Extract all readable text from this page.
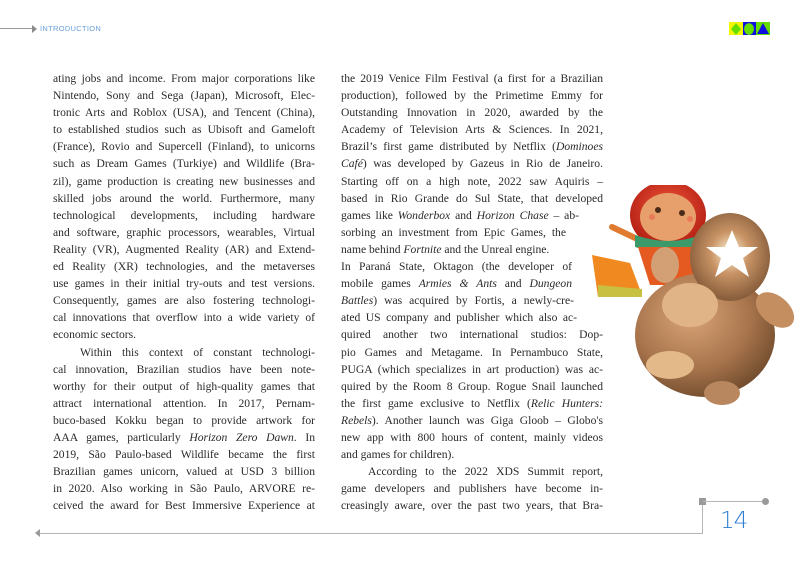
INTRODUCTION
ating jobs and income. From major corporations like
Nintendo, Sony and Sega (Japan), Microsoft, Elec-
tronic Arts and Roblox (USA), and Tencent (China),
to established studios such as Ubisoft and Gameloft
(France), Rovio and Supercell (Finland), to unicorns
such as Dream Games (Turkiye) and Wildlife (Bra-
zil), game production is creating new businesses and
skilled jobs around the world. Furthermore, many
technological developments, including hardware
and software, graphic processors, wearables, Virtual
Reality (VR), Augmented Reality (AR) and Extend-
ed Reality (XR) technologies, and the metaverses
use games in their initial try-outs and test versions.
Consequently, games are also fostering technologi-
cal innovations that overflow into a wide variety of
economic sectors.
Within this context of constant technologi-
cal innovation, Brazilian studios have been note-
worthy for their output of high-quality games that
attract international attention. In 2017, Pernam-
buco-based Kokku began to provide artwork for
AAA games, particularly Horizon Zero Dawn. In
2019, São Paulo-based Wildlife became the first
Brazilian games unicorn, valued at USD 3 billion
in 2020. Also working in São Paulo, ARVORE re-
ceived the award for Best Immersive Experience at
the 2019 Venice Film Festival (a first for a Brazilian
production), followed by the Primetime Emmy for
Outstanding Innovation in 2020, awarded by the
Academy of Television Arts & Sciences. In 2021,
Brazil’s first game distributed by Netflix (Dominoes
Café) was developed by Gazeus in Rio de Janeiro.
Starting off on a high note, 2022 saw Aquiris –
based in Rio Grande do Sul State, that developed
games like Wonderbox and Horizon Chase – ab-
sorbing an investment from Epic Games, the
name behind Fortnite and the Unreal engine.
In Paraná State, Oktagon (the developer of
mobile games Armies & Ants and Dungeon
Battles) was acquired by Fortis, a newly-cre-
ated US company and publisher which also ac-
quired another two international studios: Dop-
pio Games and Metagame. In Pernambuco State,
PUGA (which specializes in art production) was ac-
quired by the Room 8 Group. Rogue Snail launched
the first game exclusive to Netflix (Relic Hunters:
Rebels). Another launch was Giga Gloob – Globo's
new app with 800 hours of content, mainly videos
and games for children).
According to the 2022 XDS Summit report,
game developers and publishers have become in-
creasingly aware, over the past two years, that Bra-
14
